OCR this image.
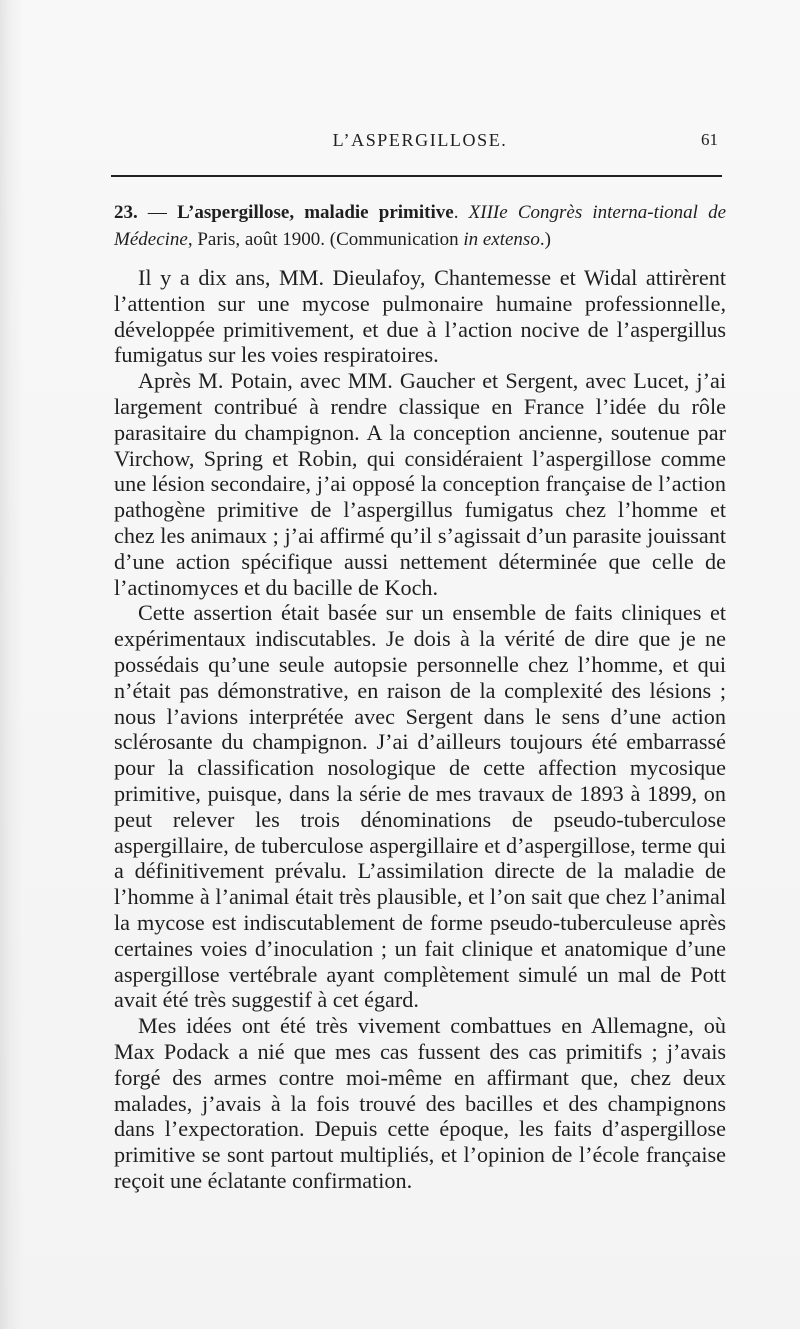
L’ASPERGILLOSE.	61

23. — L’aspergillose, maladie primitive. XIIIe Congrès interna-tional de Médecine, Paris, août 1900. (Communication in extenso.)

Il y a dix ans, MM. Dieulafoy, Chantemesse et Widal attirèrent l’attention sur une mycose pulmonaire humaine professionnelle, développée primitivement, et due à l’action nocive de l’aspergillus fumigatus sur les voies respiratoires.

Après M. Potain, avec MM. Gaucher et Sergent, avec Lucet, j’ai largement contribué à rendre classique en France l’idée du rôle parasitaire du champignon. A la conception ancienne, soutenue par Virchow, Spring et Robin, qui considéraient l’aspergillose comme une lésion secondaire, j’ai opposé la conception française de l’action pathogène primitive de l’aspergillus fumigatus chez l’homme et chez les animaux ; j’ai affirmé qu’il s’agissait d’un parasite jouissant d’une action spécifique aussi nettement déterminée que celle de l’actinomyces et du bacille de Koch.

Cette assertion était basée sur un ensemble de faits cliniques et expérimentaux indiscutables. Je dois à la vérité de dire que je ne possédais qu’une seule autopsie personnelle chez l’homme, et qui n’était pas démonstrative, en raison de la complexité des lésions ; nous l’avions interprétée avec Sergent dans le sens d’une action sclérosante du champignon. J’ai d’ailleurs toujours été embarrassé pour la classification nosologique de cette affection mycosique primitive, puisque, dans la série de mes travaux de 1893 à 1899, on peut relever les trois dénominations de pseudo-tuberculose aspergillaire, de tuberculose aspergillaire et d’aspergillose, terme qui a définitivement prévalu. L’assimilation directe de la maladie de l’homme à l’animal était très plausible, et l’on sait que chez l’animal la mycose est indiscutablement de forme pseudo-tuberculeuse après certaines voies d’inoculation ; un fait clinique et anatomique d’une aspergillose vertébrale ayant complètement simulé un mal de Pott avait été très suggestif à cet égard.

Mes idées ont été très vivement combattues en Allemagne, où Max Podack a nié que mes cas fussent des cas primitifs ; j’avais forgé des armes contre moi-même en affirmant que, chez deux malades, j’avais à la fois trouvé des bacilles et des champignons dans l’expectoration. Depuis cette époque, les faits d’aspergillose primitive se sont partout multipliés, et l’opinion de l’école française reçoit une éclatante confirmation.
